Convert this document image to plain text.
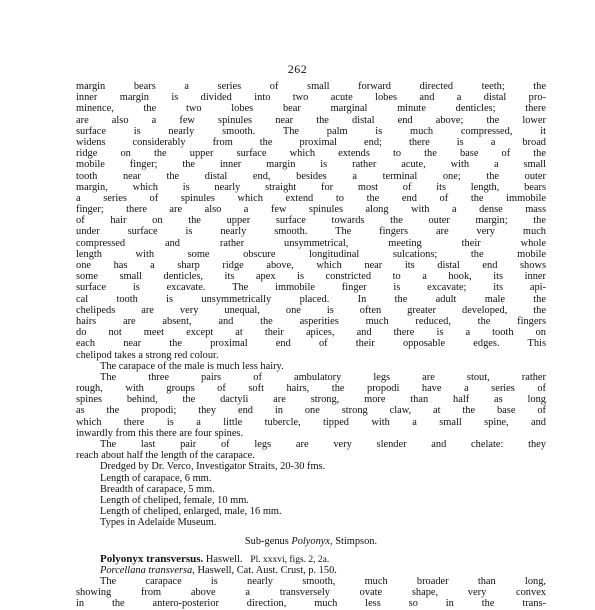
262
margin bears a series of small forward directed teeth; the
inner margin is divided into two acute lobes and a distal pro-
minence, the two lobes bear marginal minute denticles; there
are also a few spinules near the distal end above; the lower
surface is nearly smooth. The palm is much compressed, it
widens considerably from the proximal end; there is a broad
ridge on the upper surface which extends to the base of the
mobile finger; the inner margin is rather acute, with a small
tooth near the distal end, besides a terminal one; the outer
margin, which is nearly straight for most of its length, bears
a series of spinules which extend to the end of the immobile
finger; there are also a few spinules along with a dense mass
of hair on the upper surface towards the outer margin; the
under surface is nearly smooth. The fingers are very much
compressed and rather unsymmetrical, meeting their whole
length with some obscure longitudinal sulcations; the mobile
one has a sharp ridge above, which near its distal end shows
some small denticles, its apex is constricted to a hook, its inner
surface is excavate. The immobile finger is excavate; its api-
cal tooth is unsymmetrically placed. In the adult male the
chelipeds are very unequal, one is often greater developed, the
hairs are absent, and the asperities much reduced, the fingers
do not meet except at their apices, and there is a tooth on
each near the proximal end of their opposable edges. This
chelipod takes a strong red colour.
The carapace of the male is much less hairy.
The three pairs of ambulatory legs are stout, rather
rough, with groups of soft hairs, the propodi have a series of
spines behind, the dactyli are strong, more than half as long
as the propodi; they end in one strong claw, at the base of
which there is a little tubercle, tipped with a small spine, and
inwardly from this there are four spines.
The last pair of legs are very slender and chelate: they
reach about half the length of the carapace.
Dredged by Dr. Verco, Investigator Straits, 20-30 fms.
Length of carapace, 6 mm.
Breadth of carapace, 5 mm.
Length of cheliped, female, 10 mm.
Length of cheliped, enlarged, male, 16 mm.
Types in Adelaide Museum.
Sub-genus Polyonyx, Stimpson.
Polyonyx transversus. Haswell. Pl. xxxvi, figs. 2, 2a.
Porcellana transversa, Haswell, Cat. Aust. Crust, p. 150.
The carapace is nearly smooth, much broader than long,
showing from above a transversely ovate shape, very convex
in the antero-posterior direction, much less so in the trans-
